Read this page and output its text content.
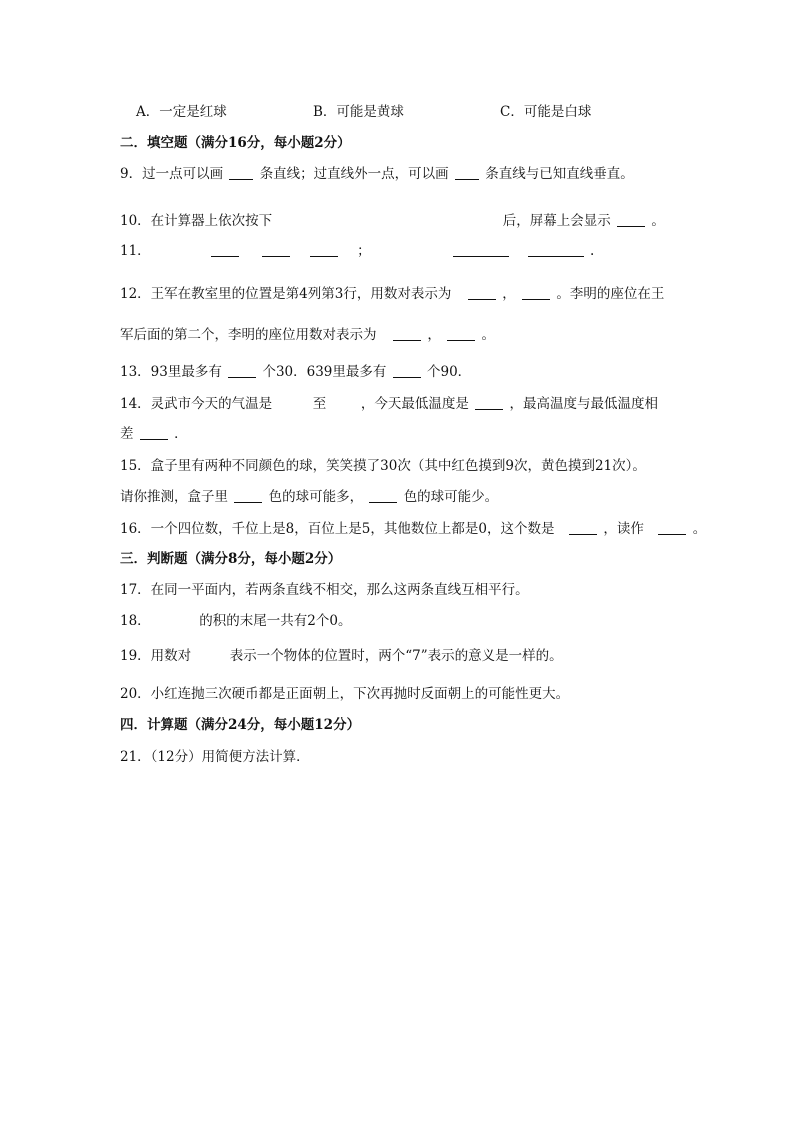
A．一定是红球	B．可能是黄球	C．可能是白球
二．填空题（满分16分，每小题2分）
9．过一点可以画	条直线；过直线外一点，可以画	条直线与已知直线垂直。
10．在计算器上依次按下	后，屏幕上会显示	。
11．	；	.
12．王军在教室里的位置是第4列第3行，用数对表示为	，	。李明的座位在王
军后面的第二个，李明的座位用数对表示为	，	。
13．93里最多有	个30．639里最多有	个90．
14．灵武市今天的气温是	至	，今天最低温度是	，最高温度与最低温度相
差	．
15．盒子里有两种不同颜色的球，笑笑摸了30次（其中红色摸到9次，黄色摸到21次）。
请你推测，盒子里	色的球可能多，	色的球可能少。
16．一个四位数，千位上是8，百位上是5，其他数位上都是0，这个数是	，读作	。
三．判断题（满分8分，每小题2分）
17．在同一平面内，若两条直线不相交，那么这两条直线互相平行。
18．	的积的末尾一共有2个0。
19．用数对	表示一个物体的位置时，两个“7”表示的意义是一样的。
20．小红连抛三次硬币都是正面朝上，下次再抛时反面朝上的可能性更大。
四．计算题（满分24分，每小题12分）
21．（12分）用简便方法计算．
